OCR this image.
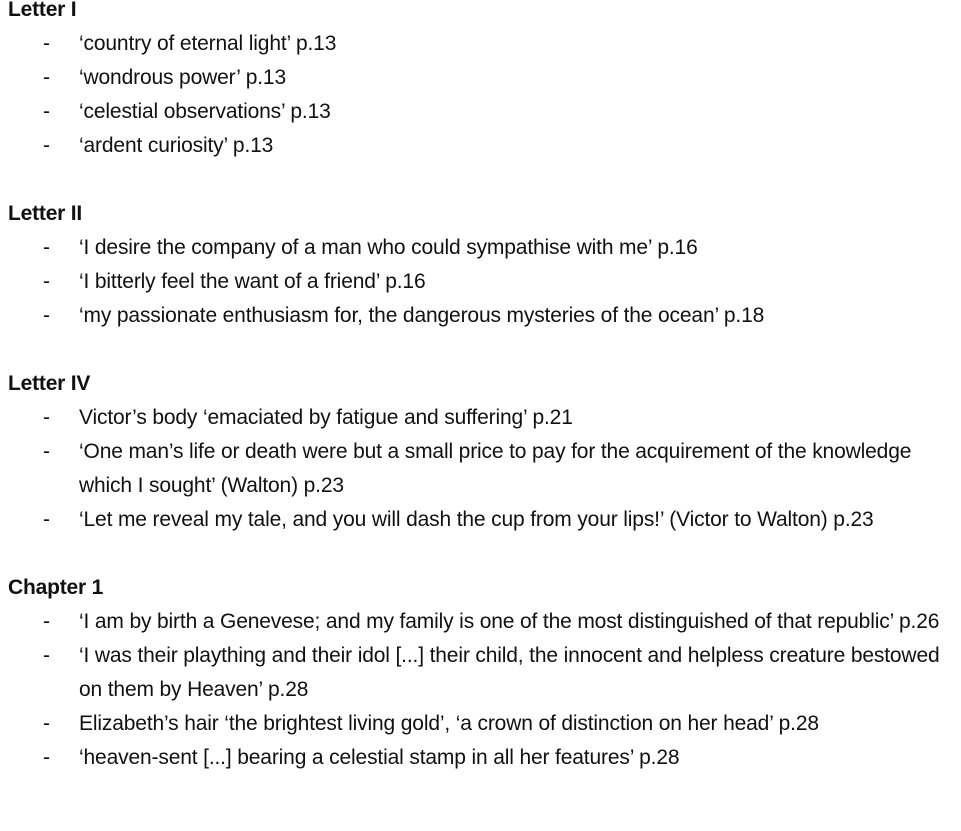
Letter I

- ‘country of eternal light’ p.13
- ‘wondrous power’ p.13
- ‘celestial observations’ p.13
- ‘ardent curiosity’ p.13

Letter II

- ‘I desire the company of a man who could sympathise with me’ p.16
- ‘I bitterly feel the want of a friend’ p.16
- ‘my passionate enthusiasm for, the dangerous mysteries of the ocean’ p.18

Letter IV

- Victor’s body ‘emaciated by fatigue and suffering’ p.21
- ‘One man’s life or death were but a small price to pay for the acquirement of the knowledge which I sought’ (Walton) p.23
- ‘Let me reveal my tale, and you will dash the cup from your lips!’ (Victor to Walton) p.23

Chapter 1

- ‘I am by birth a Genevese; and my family is one of the most distinguished of that republic’ p.26
- ‘I was their plaything and their idol [...] their child, the innocent and helpless creature bestowed on them by Heaven’ p.28
- Elizabeth’s hair ‘the brightest living gold’, ‘a crown of distinction on her head’ p.28
- ‘heaven-sent [...] bearing a celestial stamp in all her features’ p.28
